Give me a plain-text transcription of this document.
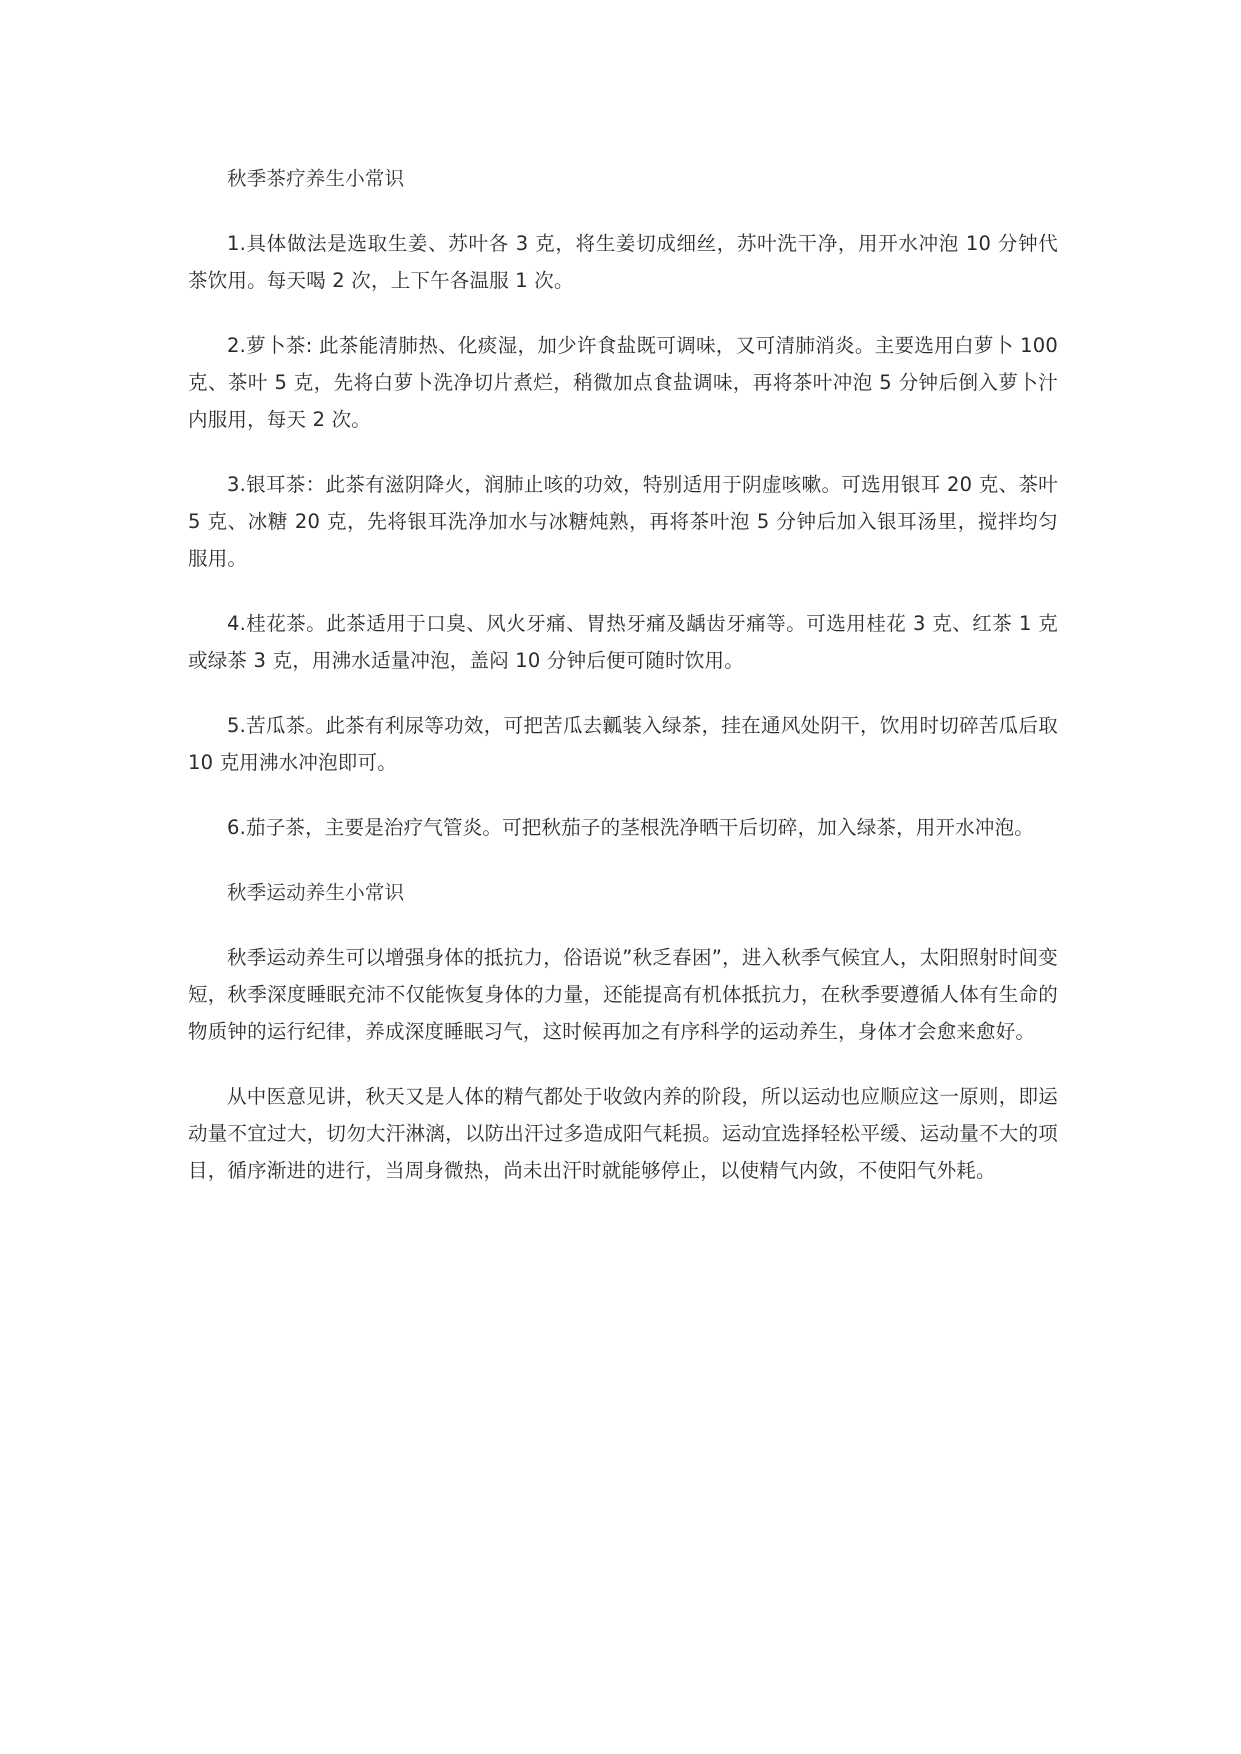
秋季茶疗养生小常识

1.具体做法是选取生姜、苏叶各 3 克，将生姜切成细丝，苏叶洗干净，用开水冲泡 10 分钟代茶饮用。每天喝 2 次，上下午各温服 1 次。

2.萝卜茶: 此茶能清肺热、化痰湿，加少许食盐既可调味，又可清肺消炎。主要选用白萝卜 100 克、茶叶 5 克，先将白萝卜洗净切片煮烂，稍微加点食盐调味，再将茶叶冲泡 5 分钟后倒入萝卜汁内服用，每天 2 次。

3.银耳茶：此茶有滋阴降火，润肺止咳的功效，特别适用于阴虚咳嗽。可选用银耳 20 克、茶叶 5 克、冰糖 20 克，先将银耳洗净加水与冰糖炖熟，再将茶叶泡 5 分钟后加入银耳汤里，搅拌均匀服用。

4.桂花茶。此茶适用于口臭、风火牙痛、胃热牙痛及龋齿牙痛等。可选用桂花 3 克、红茶 1 克或绿茶 3 克，用沸水适量冲泡，盖闷 10 分钟后便可随时饮用。

5.苦瓜茶。此茶有利尿等功效，可把苦瓜去瓤装入绿茶，挂在通风处阴干，饮用时切碎苦瓜后取 10 克用沸水冲泡即可。

6.茄子茶，主要是治疗气管炎。可把秋茄子的茎根洗净晒干后切碎，加入绿茶，用开水冲泡。

秋季运动养生小常识

秋季运动养生可以增强身体的抵抗力，俗语说”秋乏春困”，进入秋季气候宜人，太阳照射时间变短，秋季深度睡眠充沛不仅能恢复身体的力量，还能提高有机体抵抗力，在秋季要遵循人体有生命的物质钟的运行纪律，养成深度睡眠习气，这时候再加之有序科学的运动养生，身体才会愈来愈好。

从中医意见讲，秋天又是人体的精气都处于收敛内养的阶段，所以运动也应顺应这一原则，即运动量不宜过大，切勿大汗淋漓，以防出汗过多造成阳气耗损。运动宜选择轻松平缓、运动量不大的项目，循序渐进的进行，当周身微热，尚未出汗时就能够停止，以使精气内敛，不使阳气外耗。
